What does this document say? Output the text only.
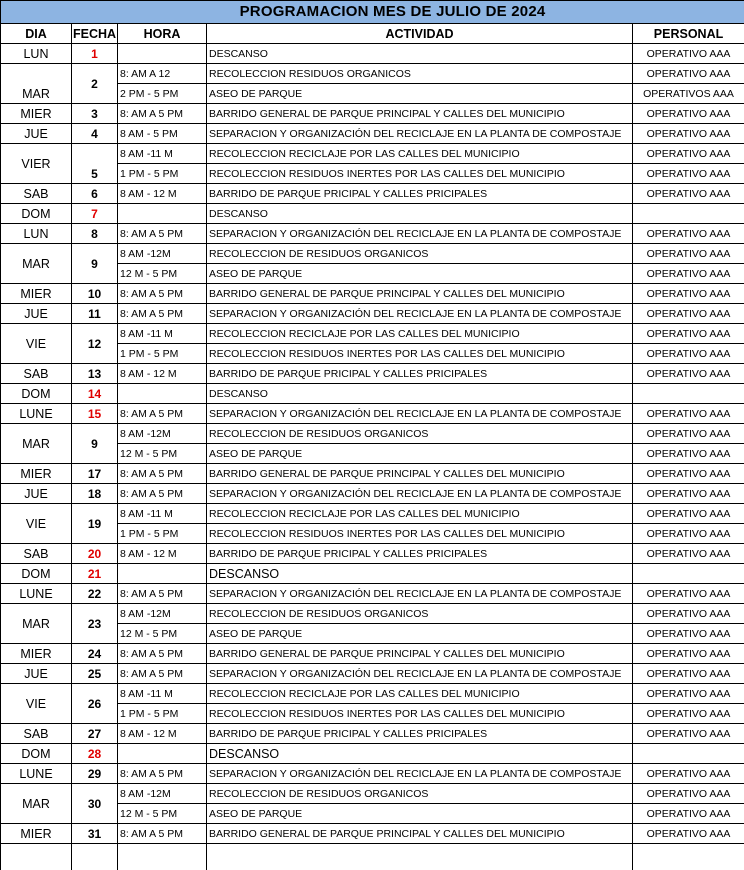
PROGRAMACION MES DE JULIO DE 2024				
DIA	FECHA	HORA	ACTIVIDAD	PERSONAL
LUN	1		DESCANSO	OPERATIVO AAA
MAR	2	8: AM A 12	RECOLECCION RESIDUOS ORGANICOS	OPERATIVO AAA
		2 PM - 5 PM	ASEO DE PARQUE	OPERATIVOS AAA
MIER	3	8: AM A 5 PM	BARRIDO GENERAL DE PARQUE PRINCIPAL Y CALLES DEL MUNICIPIO	OPERATIVO AAA
JUE	4	8 AM - 5 PM	SEPARACION Y ORGANIZACIÓN DEL RECICLAJE EN LA PLANTA DE COMPOSTAJE	OPERATIVO AAA
VIER	5	8 AM -11 M	RECOLECCION RECICLAJE POR LAS CALLES DEL MUNICIPIO	OPERATIVO AAA
		1 PM - 5 PM	RECOLECCION RESIDUOS INERTES POR LAS CALLES DEL MUNICIPIO	OPERATIVO AAA
SAB	6	8 AM - 12 M	BARRIDO DE PARQUE PRICIPAL Y CALLES PRICIPALES	OPERATIVO AAA
DOM	7		DESCANSO	
LUN	8	8: AM A 5 PM	SEPARACION Y ORGANIZACIÓN DEL RECICLAJE EN LA PLANTA DE COMPOSTAJE	OPERATIVO AAA
MAR	9	8 AM -12M	RECOLECCION DE RESIDUOS ORGANICOS	OPERATIVO AAA
		12 M - 5 PM	ASEO DE PARQUE	OPERATIVO AAA
MIER	10	8: AM A 5 PM	BARRIDO GENERAL DE PARQUE PRINCIPAL Y CALLES DEL MUNICIPIO	OPERATIVO AAA
JUE	11	8: AM A 5 PM	SEPARACION Y ORGANIZACIÓN DEL RECICLAJE EN LA PLANTA DE COMPOSTAJE	OPERATIVO AAA
VIE	12	8 AM -11 M	RECOLECCION RECICLAJE POR LAS CALLES DEL MUNICIPIO	OPERATIVO AAA
		1 PM - 5 PM	RECOLECCION RESIDUOS INERTES POR LAS CALLES DEL MUNICIPIO	OPERATIVO AAA
SAB	13	8 AM - 12 M	BARRIDO DE PARQUE PRICIPAL Y CALLES PRICIPALES	OPERATIVO AAA
DOM	14		DESCANSO	
LUNE	15	8: AM A 5 PM	SEPARACION Y ORGANIZACIÓN DEL RECICLAJE EN LA PLANTA DE COMPOSTAJE	OPERATIVO AAA
MAR	9	8 AM -12M	RECOLECCION DE RESIDUOS ORGANICOS	OPERATIVO AAA
		12 M - 5 PM	ASEO DE PARQUE	OPERATIVO AAA
MIER	17	8: AM A 5 PM	BARRIDO GENERAL DE PARQUE PRINCIPAL Y CALLES DEL MUNICIPIO	OPERATIVO AAA
JUE	18	8: AM A 5 PM	SEPARACION Y ORGANIZACIÓN DEL RECICLAJE EN LA PLANTA DE COMPOSTAJE	OPERATIVO AAA
VIE	19	8 AM -11 M	RECOLECCION RECICLAJE POR LAS CALLES DEL MUNICIPIO	OPERATIVO AAA
		1 PM - 5 PM	RECOLECCION RESIDUOS INERTES POR LAS CALLES DEL MUNICIPIO	OPERATIVO AAA
SAB	20	8 AM - 12 M	BARRIDO DE PARQUE PRICIPAL Y CALLES PRICIPALES	OPERATIVO AAA
DOM	21		DESCANSO	
LUNE	22	8: AM A 5 PM	SEPARACION Y ORGANIZACIÓN DEL RECICLAJE EN LA PLANTA DE COMPOSTAJE	OPERATIVO AAA
MAR	23	8 AM -12M	RECOLECCION DE RESIDUOS ORGANICOS	OPERATIVO AAA
		12 M - 5 PM	ASEO DE PARQUE	OPERATIVO AAA
MIER	24	8: AM A 5 PM	BARRIDO GENERAL DE PARQUE PRINCIPAL Y CALLES DEL MUNICIPIO	OPERATIVO AAA
JUE	25	8: AM A 5 PM	SEPARACION Y ORGANIZACIÓN DEL RECICLAJE EN LA PLANTA DE COMPOSTAJE	OPERATIVO AAA
VIE	26	8 AM -11 M	RECOLECCION RECICLAJE POR LAS CALLES DEL MUNICIPIO	OPERATIVO AAA
		1 PM - 5 PM	RECOLECCION RESIDUOS INERTES POR LAS CALLES DEL MUNICIPIO	OPERATIVO AAA
SAB	27	8 AM - 12 M	BARRIDO DE PARQUE PRICIPAL Y CALLES PRICIPALES	OPERATIVO AAA
DOM	28		DESCANSO	
LUNE	29	8: AM A 5 PM	SEPARACION Y ORGANIZACIÓN DEL RECICLAJE EN LA PLANTA DE COMPOSTAJE	OPERATIVO AAA
MAR	30	8 AM -12M	RECOLECCION DE RESIDUOS ORGANICOS	OPERATIVO AAA
		12 M - 5 PM	ASEO DE PARQUE	OPERATIVO AAA
MIER	31	8: AM A 5 PM	BARRIDO GENERAL DE PARQUE PRINCIPAL Y CALLES DEL MUNICIPIO	OPERATIVO AAA
